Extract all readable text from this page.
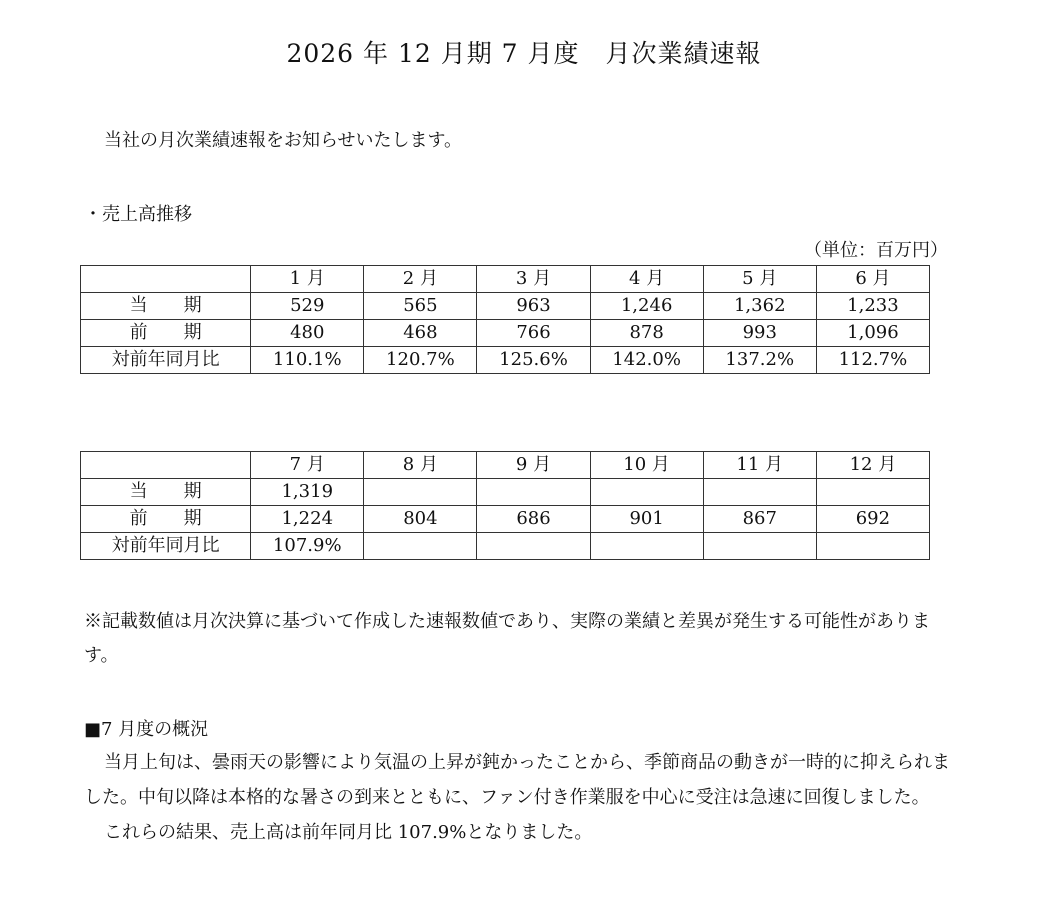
2026 年 12 月期 7 月度　月次業績速報
当社の月次業績速報をお知らせいたします。
・売上高推移
（単位：百万円）
	1 月	2 月	3 月	4 月	5 月	6 月
当　　期	529	565	963	1,246	1,362	1,233
前　　期	480	468	766	878	993	1,096
対前年同月比	110.1%	120.7%	125.6%	142.0%	137.2%	112.7%
	7 月	8 月	9 月	10 月	11 月	12 月
当　　期	1,319					
前　　期	1,224	804	686	901	867	692
対前年同月比	107.9%					
※記載数値は月次決算に基づいて作成した速報数値であり、実際の業績と差異が発生する可能性があります。
■7 月度の概況

当月上旬は、曇雨天の影響により気温の上昇が鈍かったことから、季節商品の動きが一時的に抑えられました。中旬以降は本格的な暑さの到来とともに、ファン付き作業服を中心に受注は急速に回復しました。

これらの結果、売上高は前年同月比 107.9%となりました。
